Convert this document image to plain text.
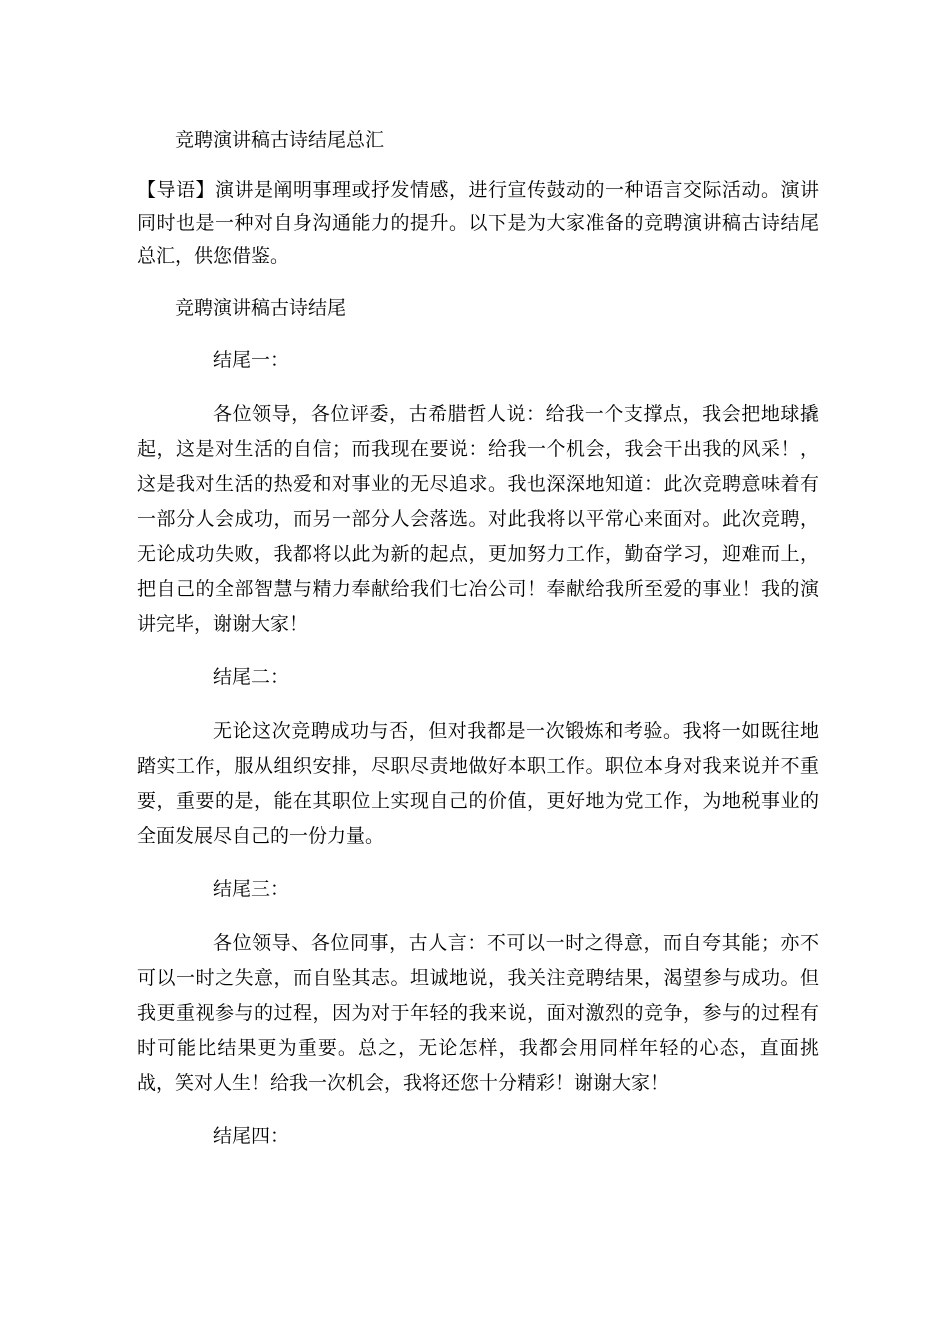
竞聘演讲稿古诗结尾总汇

【导语】演讲是阐明事理或抒发情感，进行宣传鼓动的一种语言交际活动。演讲同时也是一种对自身沟通能力的提升。以下是为大家准备的竞聘演讲稿古诗结尾总汇，供您借鉴。

竞聘演讲稿古诗结尾

结尾一：

各位领导，各位评委，古希腊哲人说：给我一个支撑点，我会把地球撬起，这是对生活的自信；而我现在要说：给我一个机会，我会干出我的风采！，这是我对生活的热爱和对事业的无尽追求。我也深深地知道：此次竞聘意味着有一部分人会成功，而另一部分人会落选。对此我将以平常心来面对。此次竞聘，无论成功失败，我都将以此为新的起点，更加努力工作，勤奋学习，迎难而上，把自己的全部智慧与精力奉献给我们七冶公司！奉献给我所至爱的事业！我的演讲完毕，谢谢大家！

结尾二：

无论这次竞聘成功与否，但对我都是一次锻炼和考验。我将一如既往地踏实工作，服从组织安排，尽职尽责地做好本职工作。职位本身对我来说并不重要，重要的是，能在其职位上实现自己的价值，更好地为党工作，为地税事业的全面发展尽自己的一份力量。

结尾三：

各位领导、各位同事，古人言：不可以一时之得意，而自夸其能；亦不可以一时之失意，而自坠其志。坦诚地说，我关注竞聘结果，渴望参与成功。但我更重视参与的过程，因为对于年轻的我来说，面对激烈的竞争，参与的过程有时可能比结果更为重要。总之，无论怎样，我都会用同样年轻的心态，直面挑战，笑对人生！给我一次机会，我将还您十分精彩！谢谢大家！

结尾四：
